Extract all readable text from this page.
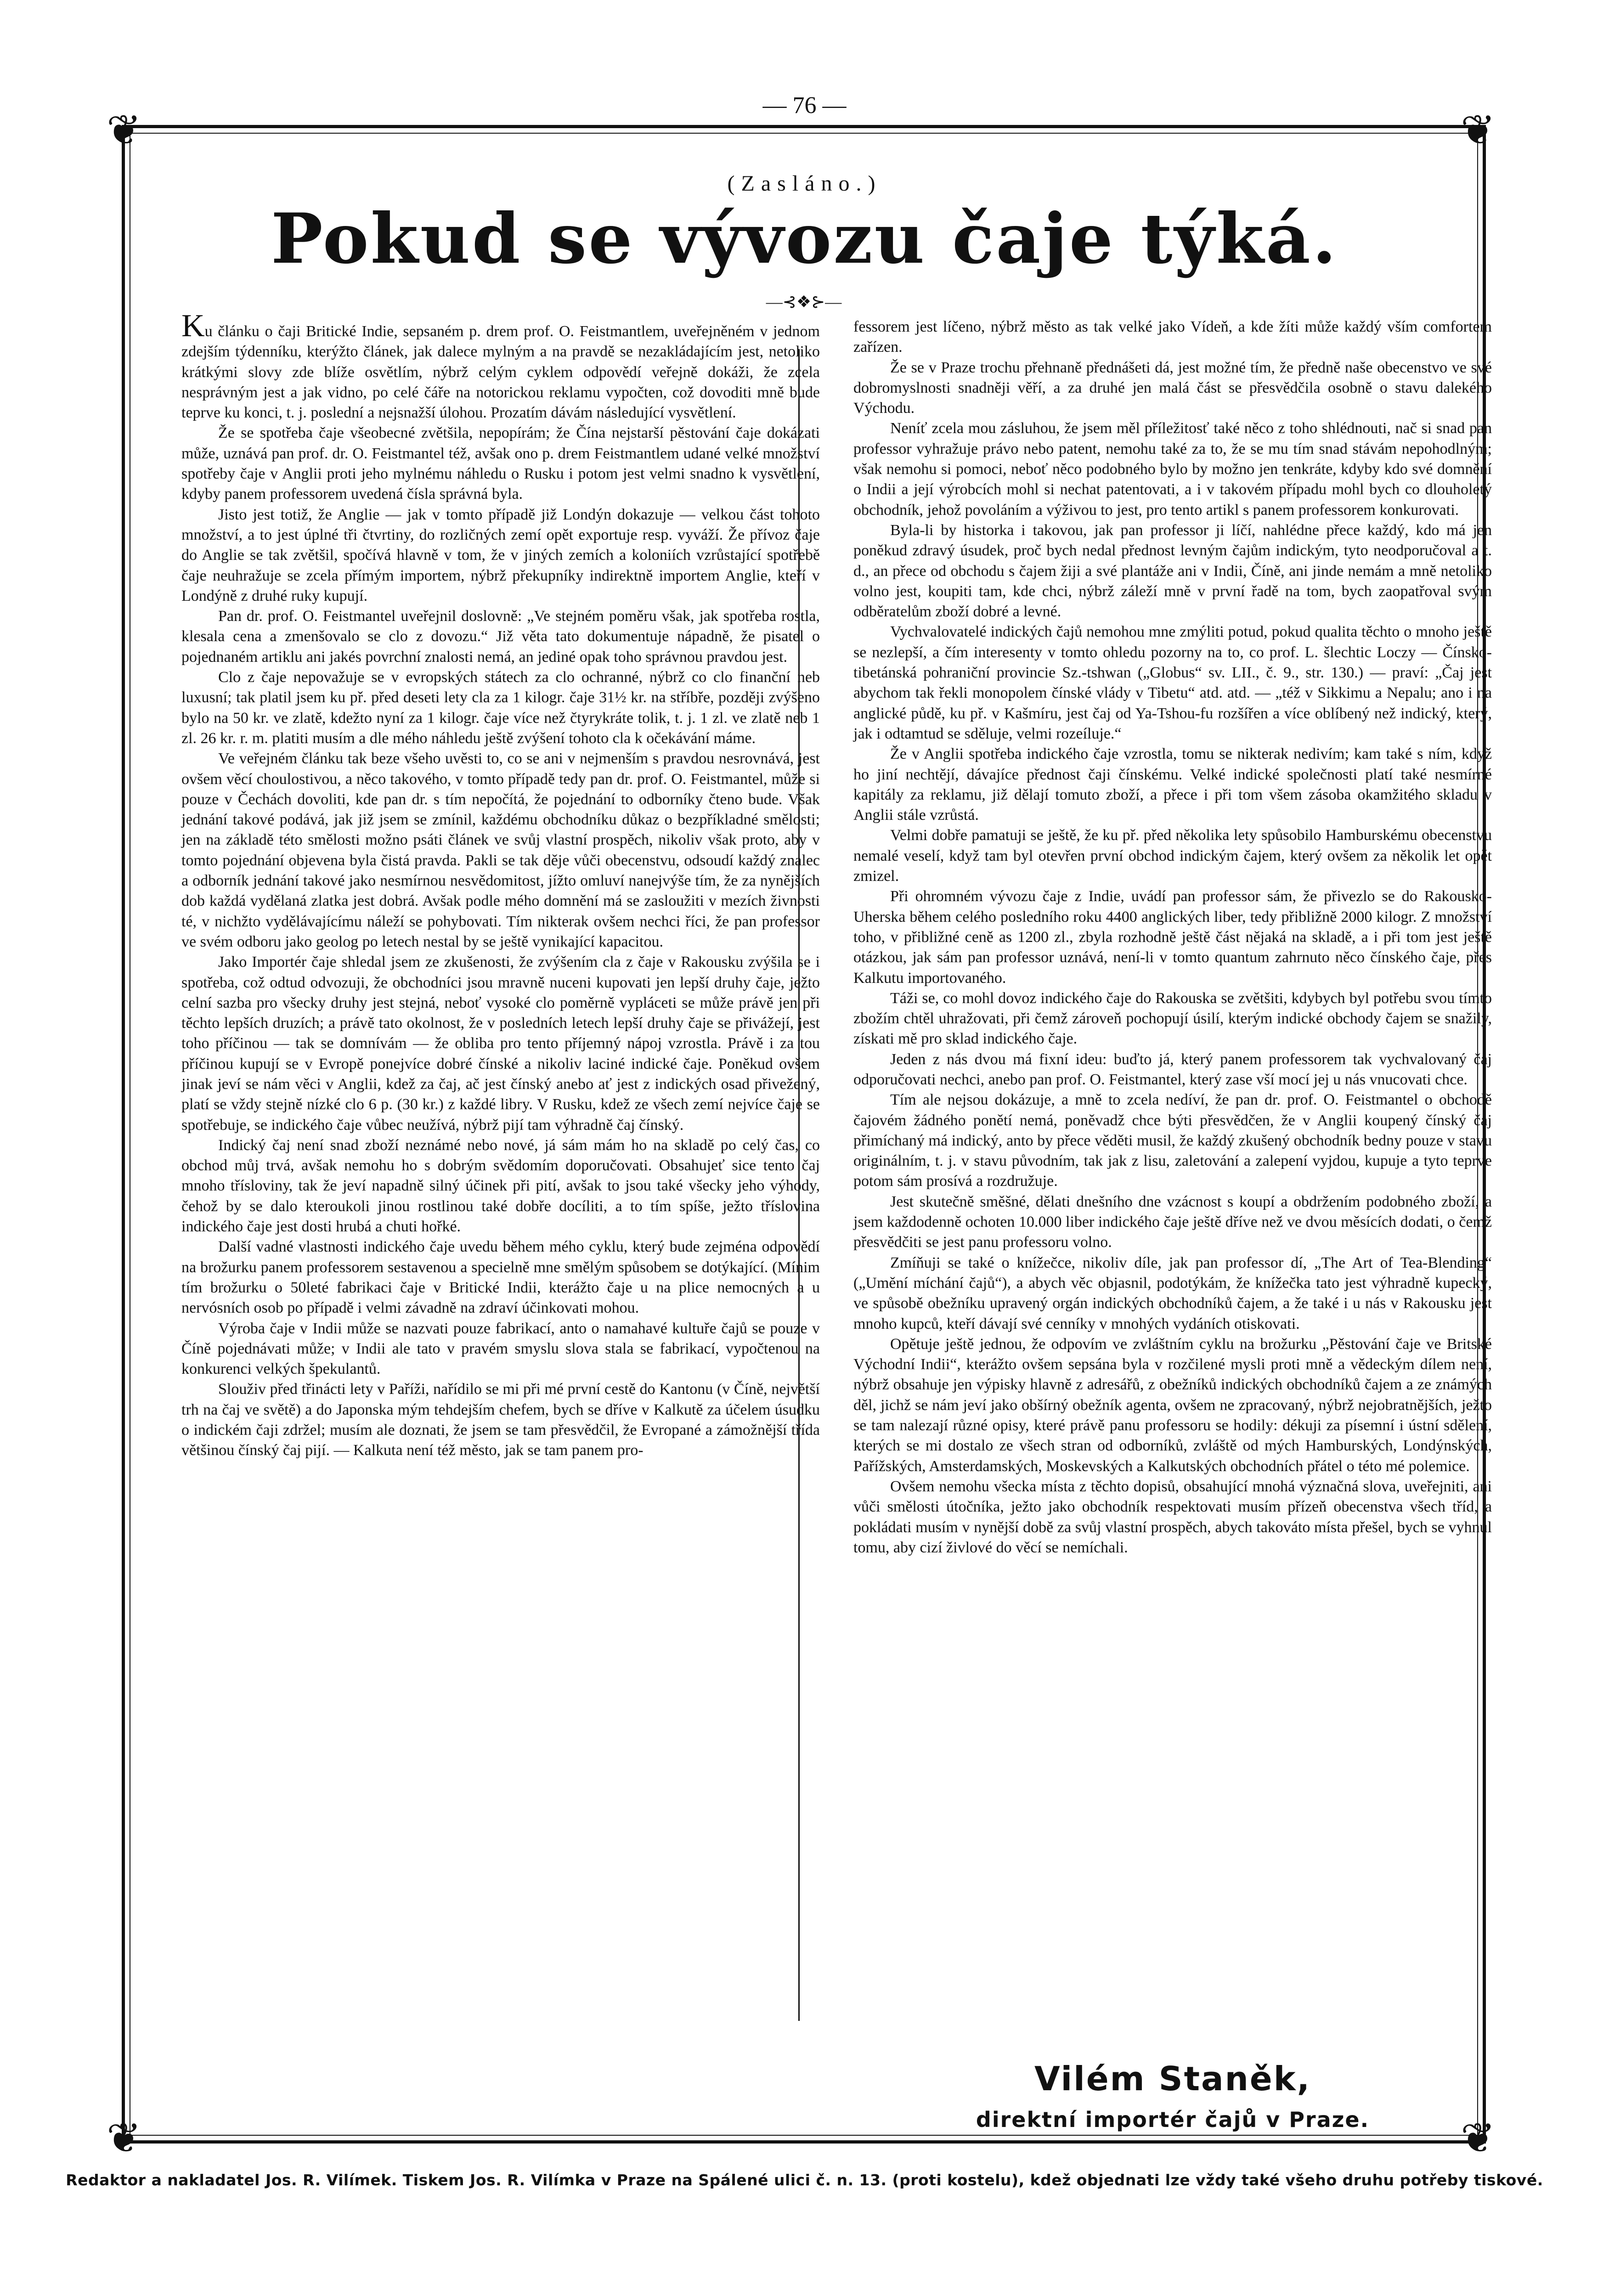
— 76 —
❦	❦
❦	❦
(Zasláno.)
Pokud se vývozu čaje týká.
—⊰❖⊱—

Ku článku o čaji Britické Indie, sepsaném p. drem prof. O. Feistmantlem, uveřejněném v jednom zdejším týdenníku, kterýžto článek, jak dalece mylným a na pravdě se nezakládajícím jest, netoliko krátkými slovy zde blíže osvětlím, nýbrž celým cyklem odpovědí veřejně dokáži, že zcela nesprávným jest a jak vidno, po celé čáře na notorickou reklamu vypočten, což dovoditi mně bude teprve ku konci, t. j. poslední a nejsnažší úlohou. Prozatím dávám následující vysvětlení.

Že se spotřeba čaje všeobecné zvětšila, nepopírám; že Čína nejstarší pěstování čaje dokázati může, uznává pan prof. dr. O. Feistmantel též, avšak ono p. drem Feistmantlem udané velké množství spotřeby čaje v Anglii proti jeho mylnému náhledu o Rusku i potom jest velmi snadno k vysvětlení, kdyby panem professorem uvedená čísla správná byla.

Jisto jest totiž, že Anglie — jak v tomto případě již Londýn dokazuje — velkou část tohoto množství, a to jest úplné tři čtvrtiny, do rozličných zemí opět exportuje resp. vyváží. Že přívoz čaje do Anglie se tak zvětšil, spočívá hlavně v tom, že v jiných zemích a koloniích vzrůstající spotřebě čaje neuhražuje se zcela přímým importem, nýbrž překupníky indirektně importem Anglie, kteří v Londýně z druhé ruky kupují.

Pan dr. prof. O. Feistmantel uveřejnil doslovně: „Ve stejném poměru však, jak spotřeba rostla, klesala cena a zmenšovalo se clo z dovozu.“ Již věta tato dokumentuje nápadně, že pisatel o pojednaném artiklu ani jakés povrchní znalosti nemá, an jediné opak toho správnou pravdou jest.

Clo z čaje nepovažuje se v evropských státech za clo ochranné, nýbrž co clo finanční neb luxusní; tak platil jsem ku př. před deseti lety cla za 1 kilogr. čaje 31½ kr. na stříbře, později zvýšeno bylo na 50 kr. ve zlatě, kdežto nyní za 1 kilogr. čaje více než čtyrykráte tolik, t. j. 1 zl. ve zlatě neb 1 zl. 26 kr. r. m. platiti musím a dle mého náhledu ještě zvýšení tohoto cla k očekávání máme.

Ve veřejném článku tak beze všeho uvěsti to, co se ani v nejmenším s pravdou nesrovnává, jest ovšem věcí choulostivou, a něco takového, v tomto případě tedy pan dr. prof. O. Feistmantel, může si pouze v Čechách dovoliti, kde pan dr. s tím nepočítá, že pojednání to odborníky čteno bude. Však jednání takové podává, jak již jsem se zmínil, každému obchodníku důkaz o bezpříkladné smělosti; jen na základě této smělosti možno psáti článek ve svůj vlastní prospěch, nikoliv však proto, aby v tomto pojednání objevena byla čistá pravda. Pakli se tak děje vůči obecenstvu, odsoudí každý znalec a odborník jednání takové jako nesmírnou nesvědomitost, jížto omluví nanejvýše tím, že za nynějších dob každá vydělaná zlatka jest dobrá. Avšak podle mého domnění má se zasloužiti v mezích živnosti té, v nichžto vydělávajícímu náleží se pohybovati. Tím nikterak ovšem nechci říci, že pan professor ve svém odboru jako geolog po letech nestal by se ještě vynikající kapacitou.

Jako Importér čaje shledal jsem ze zkušenosti, že zvýšením cla z čaje v Rakousku zvýšila se i spotřeba, což odtud odvozuji, že obchodníci jsou mravně nuceni kupovati jen lepší druhy čaje, ježto celní sazba pro všecky druhy jest stejná, neboť vysoké clo poměrně vypláceti se může právě jen při těchto lepších druzích; a právě tato okolnost, že v posledních letech lepší druhy čaje se přivážejí, jest toho příčinou — tak se domnívám — že obliba pro tento příjemný nápoj vzrostla. Právě i za tou příčinou kupují se v Evropě ponejvíce dobré čínské a nikoliv laciné indické čaje. Poněkud ovšem jinak jeví se nám věci v Anglii, kdež za čaj, ač jest čínský anebo ať jest z indických osad přivežený, platí se vždy stejně nízké clo 6 p. (30 kr.) z každé libry. V Rusku, kdež ze všech zemí nejvíce čaje se spotřebuje, se indického čaje vůbec neužívá, nýbrž pijí tam výhradně čaj čínský.

Indický čaj není snad zboží neznámé nebo nové, já sám mám ho na skladě po celý čas, co obchod můj trvá, avšak nemohu ho s dobrým svědomím doporučovati. Obsahujeť sice tento čaj mnoho tříslovinу, tak že jeví napadně silný účinek při pití, avšak to jsou také všecky jeho výhody, čehož by se dalo kteroukoli jinou rostlinou také dobře docíliti, a to tím spíše, ježto tříslovina indického čaje jest dosti hrubá a chuti hořké.

Další vadné vlastnosti indického čaje uvedu během mého cyklu, který bude zejména odpovědí na brožurku panem professorem sestavenou a specielně mne smělým spůsobem se dotýkající. (Mínim tím brožurku o 50leté fabrikaci čaje v Britické Indii, kterážto čaje u na plice nemocných a u nervósních osob po případě i velmi závadně na zdraví účinkovati mohou.

Výroba čaje v Indii může se nazvati pouze fabrikací, anto o namahavé kultuře čajů se pouze v Číně pojednávati může; v Indii ale tato v pravém smyslu slova stala se fabrikací, vypočtenou na konkurenci velkých špekulantů.

Slouživ před třinácti lety v Paříži, nařídilo se mi při mé první cestě do Kantonu (v Číně, největší trh na čaj ve světě) a do Japonska mým tehdejším chefem, bych se dříve v Kalkutě za účelem úsudku o indickém čaji zdržel; musím ale doznati, že jsem se tam přesvědčil, že Evropané a zámožnější třída většinou čínský čaj pijí. — Kalkuta není též město, jak se tam panem pro-

fessorem jest líčeno, nýbrž město as tak velké jako Vídeň, a kde žíti může každý vším comfortem zařízen.

Že se v Praze trochu přehnaně přednášeti dá, jest možné tím, že předně naše obecenstvo ve své dobromyslnosti snadněji věří, a za druhé jen malá část se přesvědčila osobně o stavu dalekého Východu.

Neníť zcela mou zásluhou, že jsem měl příležitosť také něco z toho shlédnouti, nač si snad pan professor vyhražuje právo nebo patent, nemohu také za to, že se mu tím snad stávám nepohodlným; však nemohu si pomoci, neboť něco podobného bylo by možno jen tenkráte, kdyby kdo své domnění o Indii a její výrobcích mohl si nechat patentovati, a i v takovém případu mohl bych co dlouholetý obchodník, jehož povoláním a výživou to jest, pro tento artikl s panem professorem konkurovati.

Byla-li by historka i takovou, jak pan professor ji líčí, nahlédne přece každý, kdo má jen poněkud zdravý úsudek, proč bych nedal přednost levným čajům indickým, tyto neodporučoval a t. d., an přece od obchodu s čajem žiji a své plantáže ani v Indii, Číně, ani jinde nemám a mně netoliko volno jest, koupiti tam, kde chci, nýbrž záleží mně v první řadě na tom, bych zaopatřoval svým odběratelům zboží dobré a levné.

Vychvalovatelé indických čajů nemohou mne zmýliti potud, pokud qualita těchto o mnoho ještě se nezlepší, a čím interesenty v tomto ohledu pozorny na to, co prof. L. šlechtic Loczy — Čínsko-tibetánská pohraniční provincie Sz.-tshwan („Globus“ sv. LII., č. 9., str. 130.) — praví: „Čaj jest abychom tak řekli monopolem čínské vlády v Tibetu“ atd. atd. — „též v Sikkimu a Nepalu; ano i na anglické půdě, ku př. v Kašmíru, jest čaj od Ya-Tshou-fu rozšířen a více oblíbený než indický, který, jak i odtamtud se sděluje, velmi rozeíluje.“

Že v Anglii spotřeba indického čaje vzrostla, tomu se nikterak nedivím; kam také s ním, když ho jiní nechtějí, dávajíce přednost čaji čínskému. Velké indické společnosti platí také nesmírné kapitály za reklamu, již dělají tomuto zboží, a přece i při tom všem zásoba okamžitého skladu v Anglii stále vzrůstá.

Velmi dobře pamatuji se ještě, že ku př. před několika lety spůsobilo Hamburskému obecenstvu nemalé veselí, když tam byl otevřen první obchod indickým čajem, který ovšem za několik let opět zmizel.

Při ohromném vývozu čaje z Indie, uvádí pan professor sám, že přivezlo se do Rakousko-Uherska během celého posledního roku 4400 anglických liber, tedy přibližně 2000 kilogr. Z množství toho, v přibližné ceně as 1200 zl., zbyla rozhodně ještě část nějaká na skladě, a i při tom jest ještě otázkou, jak sám pan professor uznává, není-li v tomto quantum zahrnuto něco čínského čaje, přes Kalkutu importovaného.

Táži se, co mohl dovoz indického čaje do Rakouska se zvětšiti, kdybych byl potřebu svou tímto zbožím chtěl uhražovati, při čemž zároveň pochopují úsilí, kterým indické obchody čajem se snažily, získati mě pro sklad indického čaje.

Jeden z nás dvou má fixní ideu: buďto já, který panem professorem tak vychvalovaný čaj odporučovati nechci, anebo pan prof. O. Feistmantel, který zase vší mocí jej u nás vnucovati chce.

Tím ale nejsou dokázuje, a mně to zcela nedíví, že pan dr. prof. O. Feistmantel o obchodě čajovém žádného ponětí nemá, poněvadž chce býti přesvědčen, že v Anglii koupený čínský čaj přimíchaný má indický, anto by přece věděti musil, že každý zkušený obchodník bedny pouze v stavu originálním, t. j. v stavu původním, tak jak z lisu, zaletování a zalepení vyjdou, kupuje a tyto teprve potom sám prosívá a rozdružuje.

Jest skutečně směšné, dělati dnešního dne vzácnost s koupí a obdržením podobného zboží, a jsem každodenně ochoten 10.000 liber indického čaje ještě dříve než ve dvou měsících dodati, o čemž přesvědčiti se jest panu professoru volno.

Zmíňuji se také o knížečce, nikoliv díle, jak pan professor dí, „The Art of Tea-Blending“ („Umění míchání čajů“), a abych věc objasnil, podotýkám, že knížečka tato jest výhradně kupecký, ve spůsobě obežníku upravený orgán indických obchodníků čajem, a že také i u nás v Rakousku jest mnoho kupců, kteří dávají své cenníky v mnohých vydáních otiskovati.

Opětuje ještě jednou, že odpovím ve zvláštním cyklu na brožurku „Pěstování čaje ve Britské Východní Indii“, kterážto ovšem sepsána byla v rozčilené mysli proti mně a vědeckým dílem není, nýbrž obsahuje jen výpisky hlavně z adresářů, z obežníků indických obchodníků čajem a ze známých děl, jichž se nám jeví jako obšírný obežník agenta, ovšem ne zpracovaný, nýbrž nejobratnějších, ježto se tam nalezají různé opisy, které právě panu professoru se hodily: dékuji za písemní i ústní sdělení, kterých se mi dostalo ze všech stran od odborníků, zvláště od mých Hamburských, Londýnských, Pařížských, Amsterdamských, Moskevských a Kalkutských obchodních přátel o této mé polemice.

Ovšem nemohu všecka místa z těchto dopisů, obsahující mnohá význačná slova, uveřejniti, ani vůči smělosti útočníka, ježto jako obchodník respektovati musím přízeň obecenstva všech tříd, a pokládati musím v nynější době za svůj vlastní prospěch, abych takováto místa přešel, bych se vyhnul tomu, aby cizí živlové do věcí se nemíchali.

Vilém Staněk,
direktní importér čajů v Praze.
Redaktor a nakladatel Jos. R. Vilímek. Tiskem Jos. R. Vilímka v Praze na Spálené ulici č. n. 13. (proti kostelu), kdež objednati lze vždy také všeho druhu potřeby tiskové.
